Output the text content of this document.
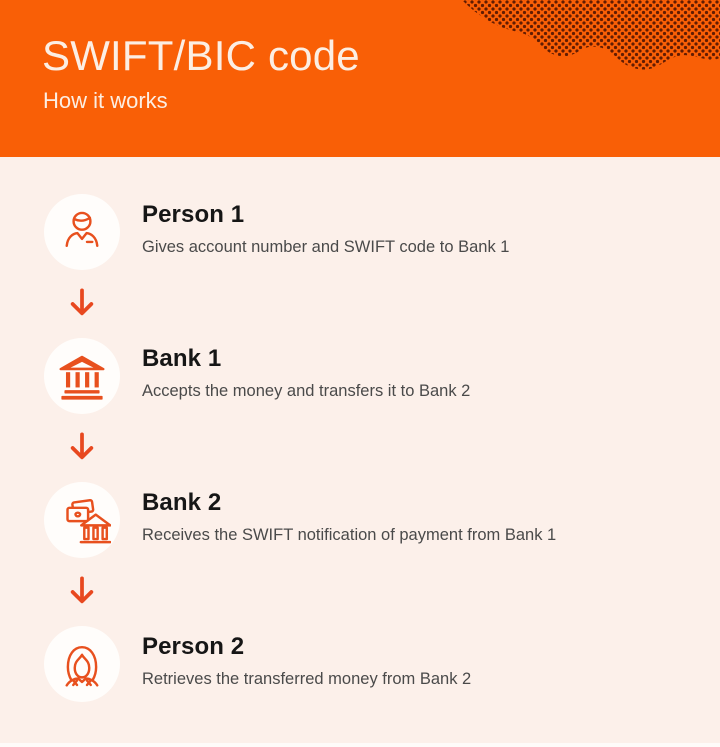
SWIFT/BIC code

How it works

Person 1

Gives account number and SWIFT code to Bank 1

Bank 1

Accepts the money and transfers it to Bank 2

Bank 2

Receives the SWIFT notification of payment from Bank 1

Person 2

Retrieves the transferred money from Bank 2
